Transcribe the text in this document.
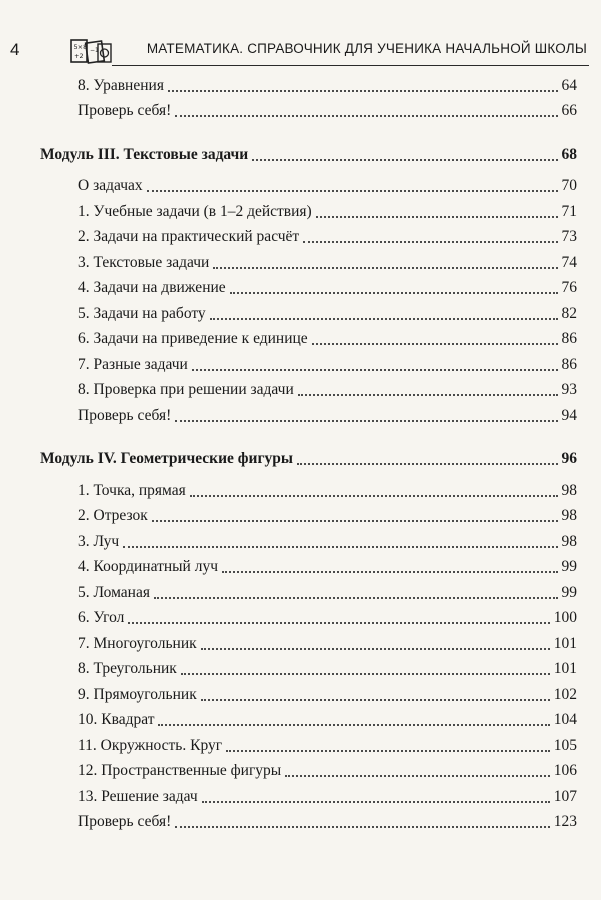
4	5×8
+2
−1	МАТЕМАТИКА. СПРАВОЧНИК ДЛЯ УЧЕНИКА НАЧАЛЬНОЙ ШКОЛЫ
8. Уравнения	64
Проверь себя!	66
Модуль III. Текстовые задачи	68
О задачах	70
1. Учебные задачи (в 1–2 действия)	71
2. Задачи на практический расчёт	73
3. Текстовые задачи	74
4. Задачи на движение	76
5. Задачи на работу	82
6. Задачи на приведение к единице	86
7. Разные задачи	86
8. Проверка при решении задачи	93
Проверь себя!	94
Модуль IV. Геометрические фигуры	96
1. Точка, прямая	98
2. Отрезок	98
3. Луч	98
4. Координатный луч	99
5. Ломаная	99
6. Угол	100
7. Многоугольник	101
8. Треугольник	101
9. Прямоугольник	102
10. Квадрат	104
11. Окружность. Круг	105
12. Пространственные фигуры	106
13. Решение задач	107
Проверь себя!	123
